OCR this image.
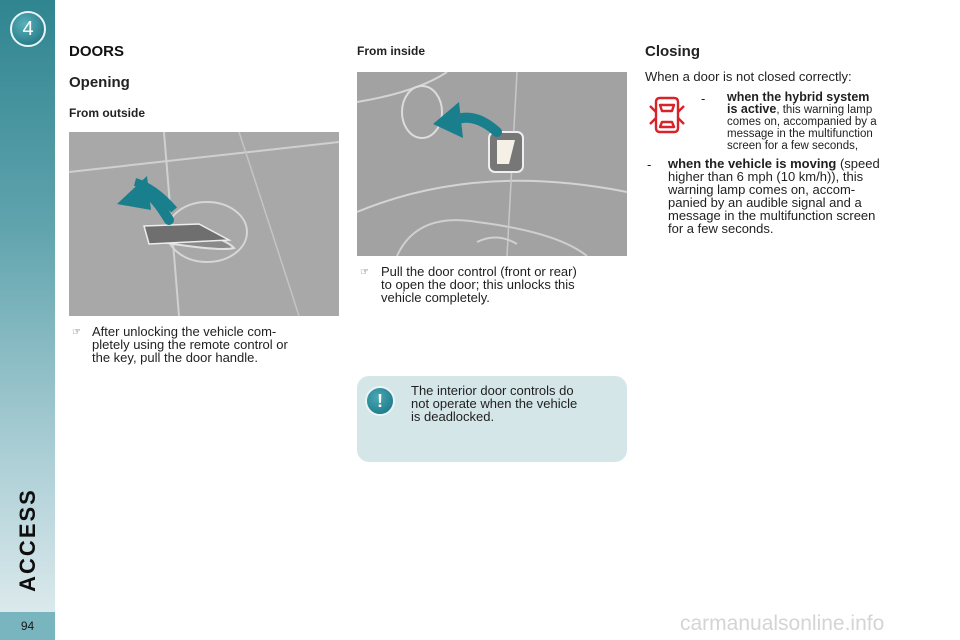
4
ACCESS
94
DOORS
Opening
From outside
☞ After unlocking the vehicle com-
pletely using the remote control or
the key, pull the door handle.
From inside
☞ Pull the door control (front or rear)
to open the door; this unlocks this
vehicle completely.
!
The interior door controls do
not operate when the vehicle
is deadlocked.
Closing
When a door is not closed correctly:
- when the hybrid system
is active, this warning lamp
comes on, accompanied by a
message in the multifunction
screen for a few seconds,
- when the vehicle is moving (speed
higher than 6 mph (10 km/h)), this
warning lamp comes on, accom-
panied by an audible signal and a
message in the multifunction screen
for a few seconds.
carmanualsonline.info
